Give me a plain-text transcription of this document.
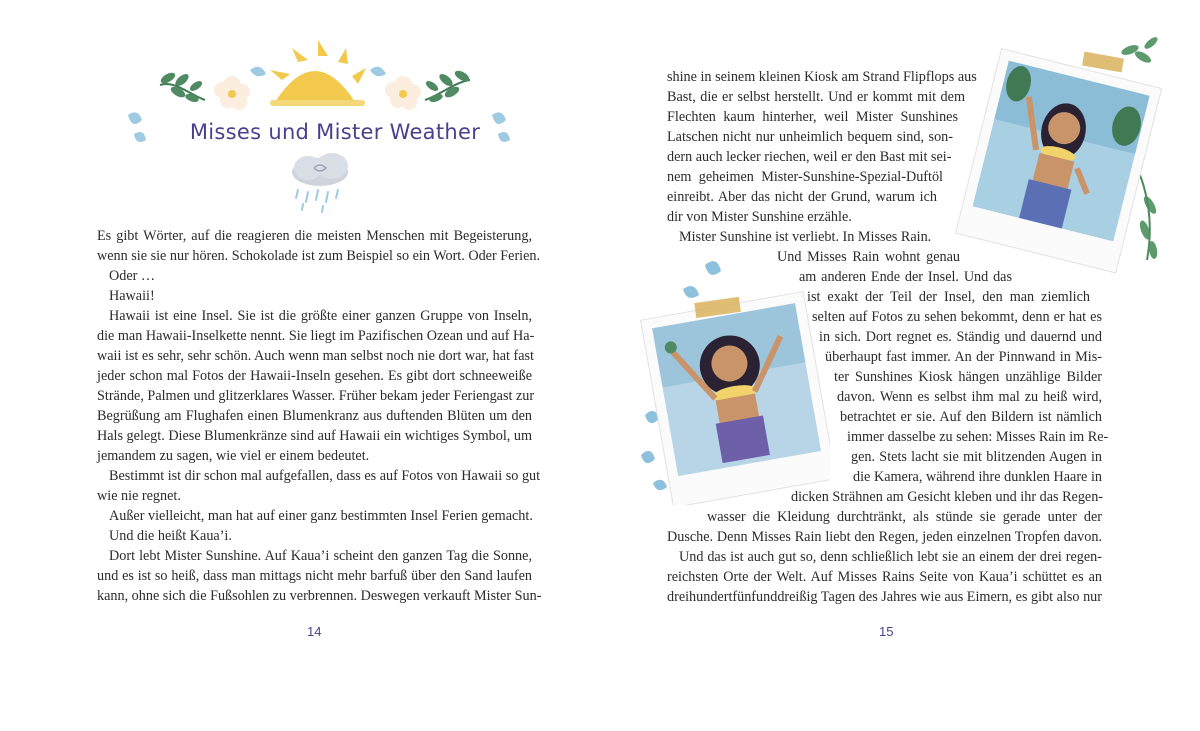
Misses und Mister Weather
Es gibt Wörter, auf die reagieren die meisten Menschen mit Begeisterung,
wenn sie sie nur hören. Schokolade ist zum Beispiel so ein Wort. Oder Ferien.
Oder …
Hawaii!
Hawaii ist eine Insel. Sie ist die größte einer ganzen Gruppe von Inseln,
die man Hawaii-Inselkette nennt. Sie liegt im Pazifischen Ozean und auf Ha-
waii ist es sehr, sehr schön. Auch wenn man selbst noch nie dort war, hat fast
jeder schon mal Fotos der Hawaii-Inseln gesehen. Es gibt dort schneeweiße
Strände, Palmen und glitzerklares Wasser. Früher bekam jeder Feriengast zur
Begrüßung am Flughafen einen Blumenkranz aus duftenden Blüten um den
Hals gelegt. Diese Blumenkränze sind auf Hawaii ein wichtiges Symbol, um
jemandem zu sagen, wie viel er einem bedeutet.
Bestimmt ist dir schon mal aufgefallen, dass es auf Fotos von Hawaii so gut
wie nie regnet.
Außer vielleicht, man hat auf einer ganz bestimmten Insel Ferien gemacht.
Und die heißt Kaua’i.
Dort lebt Mister Sunshine. Auf Kaua’i scheint den ganzen Tag die Sonne,
und es ist so heiß, dass man mittags nicht mehr barfuß über den Sand laufen
kann, ohne sich die Fußsohlen zu verbrennen. Deswegen verkauft Mister Sun-
14
shine in seinem kleinen Kiosk am Strand Flipflops aus
Bast, die er selbst herstellt. Und er kommt mit dem
Flechten kaum hinterher, weil Mister Sunshines
Latschen nicht nur unheimlich bequem sind, son-
dern auch lecker riechen, weil er den Bast mit sei-
nem geheimen Mister-Sunshine-Spezial-Duftöl
einreibt. Aber das nicht der Grund, warum ich
dir von Mister Sunshine erzähle.
Mister Sunshine ist verliebt. In Misses Rain.
Und Misses Rain wohnt genau
am anderen Ende der Insel. Und das
ist exakt der Teil der Insel, den man ziemlich
selten auf Fotos zu sehen bekommt, denn er hat es
in sich. Dort regnet es. Ständig und dauernd und
überhaupt fast immer. An der Pinnwand in Mis-
ter Sunshines Kiosk hängen unzählige Bilder
davon. Wenn es selbst ihm mal zu heiß wird,
betrachtet er sie. Auf den Bildern ist nämlich
immer dasselbe zu sehen: Misses Rain im Re-
gen. Stets lacht sie mit blitzenden Augen in
die Kamera, während ihre dunklen Haare in
dicken Strähnen am Gesicht kleben und ihr das Regen-
wasser die Kleidung durchtränkt, als stünde sie gerade unter der
Dusche. Denn Misses Rain liebt den Regen, jeden einzelnen Tropfen davon.
Und das ist auch gut so, denn schließlich lebt sie an einem der drei regen-
reichsten Orte der Welt. Auf Misses Rains Seite von Kaua’i schüttet es an
dreihundertfünfunddreißig Tagen des Jahres wie aus Eimern, es gibt also nur
15
